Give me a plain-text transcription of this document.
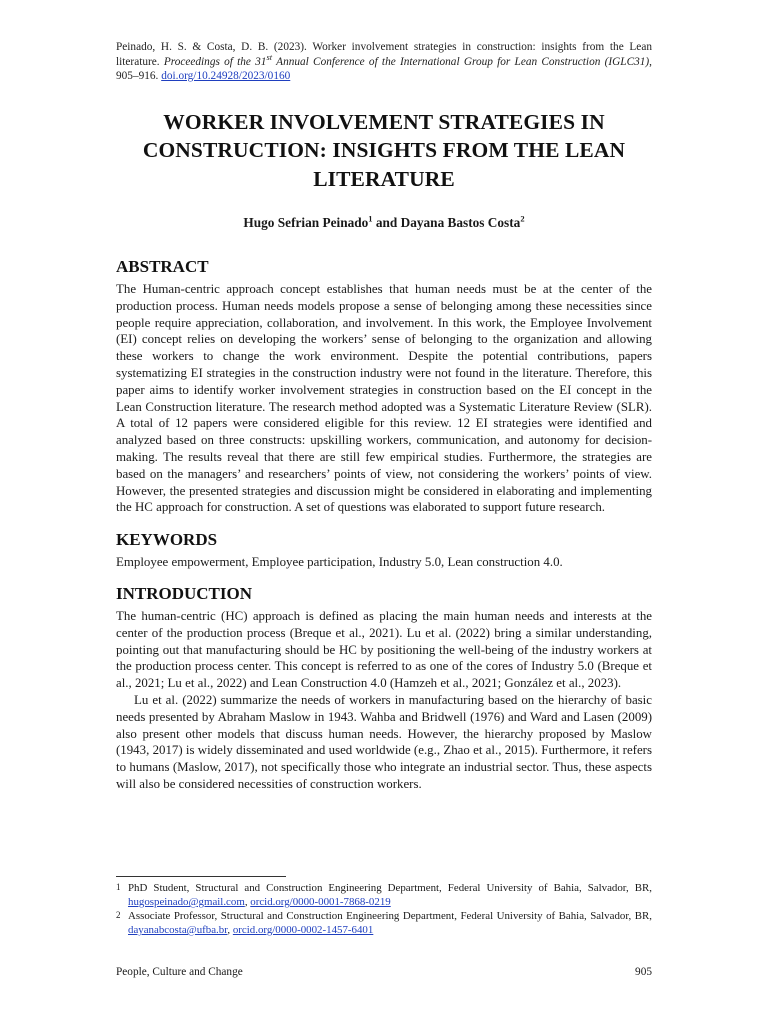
Peinado, H. S. & Costa, D. B. (2023). Worker involvement strategies in construction: insights from the Lean literature. Proceedings of the 31st Annual Conference of the International Group for Lean Construction (IGLC31), 905–916. doi.org/10.24928/2023/0160
WORKER INVOLVEMENT STRATEGIES IN CONSTRUCTION: INSIGHTS FROM THE LEAN LITERATURE
Hugo Sefrian Peinado$^1$ and Dayana Bastos Costa$^2$
ABSTRACT

The Human-centric approach concept establishes that human needs must be at the center of the production process. Human needs models propose a sense of belonging among these necessities since people require appreciation, collaboration, and involvement. In this work, the Employee Involvement (EI) concept relies on developing the workers’ sense of belonging to the organization and allowing these workers to change the work environment. Despite the potential contributions, papers systematizing EI strategies in the construction industry were not found in the literature. Therefore, this paper aims to identify worker involvement strategies in construction based on the EI concept in the Lean Construction literature. The research method adopted was a Systematic Literature Review (SLR). A total of 12 papers were considered eligible for this review. 12 EI strategies were identified and analyzed based on three constructs: upskilling workers, communication, and autonomy for decision-making. The results reveal that there are still few empirical studies. Furthermore, the strategies are based on the managers’ and researchers’ points of view, not considering the workers’ points of view. However, the presented strategies and discussion might be considered in elaborating and implementing the HC approach for construction. A set of questions was elaborated to support future research.

KEYWORDS

Employee empowerment, Employee participation, Industry 5.0, Lean construction 4.0.

INTRODUCTION

The human-centric (HC) approach is defined as placing the main human needs and interests at the center of the production process (Breque et al., 2021). Lu et al. (2022) bring a similar understanding, pointing out that manufacturing should be HC by positioning the well-being of the industry workers at the production process center. This concept is referred to as one of the cores of Industry 5.0 (Breque et al., 2021; Lu et al., 2022) and Lean Construction 4.0 (Hamzeh et al., 2021; González et al., 2023).

Lu et al. (2022) summarize the needs of workers in manufacturing based on the hierarchy of basic needs presented by Abraham Maslow in 1943. Wahba and Bridwell (1976) and Ward and Lasen (2009) also present other models that discuss human needs. However, the hierarchy proposed by Maslow (1943, 2017) is widely disseminated and used worldwide (e.g., Zhao et al., 2015). Furthermore, it refers to humans (Maslow, 2017), not specifically those who integrate an industrial sector. Thus, these aspects will also be considered necessities of construction workers.

1 PhD Student, Structural and Construction Engineering Department, Federal University of Bahia, Salvador, BR, hugospeinado@gmail.com, orcid.org/0000-0001-7868-0219
2 Associate Professor, Structural and Construction Engineering Department, Federal University of Bahia, Salvador, BR, dayanabcosta@ufba.br, orcid.org/0000-0002-1457-6401
People, Culture and Change	905
